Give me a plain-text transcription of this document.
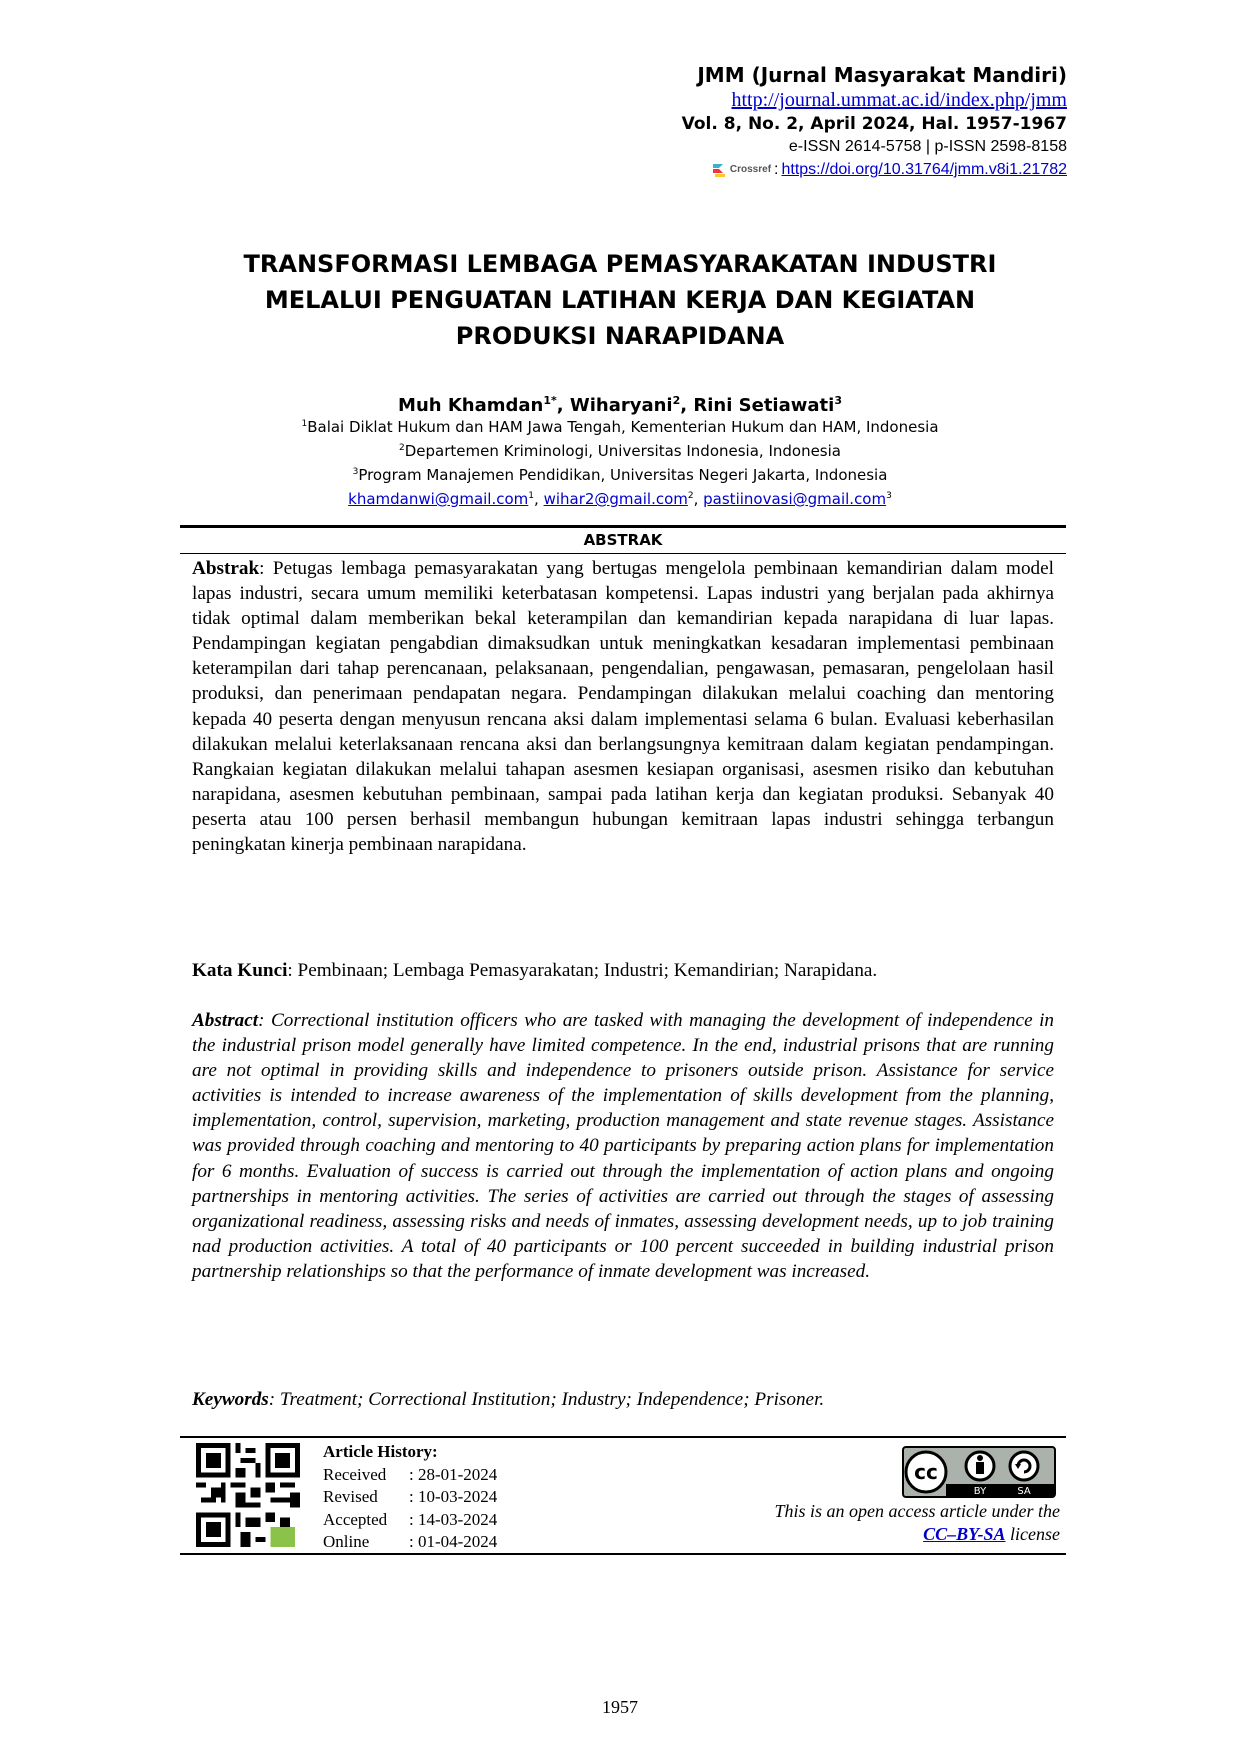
JMM (Jurnal Masyarakat Mandiri)
http://journal.ummat.ac.id/index.php/jmm
Vol. 8, No. 2, April 2024, Hal. 1957-1967
e-ISSN 2614-5758 | p-ISSN 2598-8158
Crossref : https://doi.org/10.31764/jmm.v8i1.21782
TRANSFORMASI LEMBAGA PEMASYARAKATAN INDUSTRI
MELALUI PENGUATAN LATIHAN KERJA DAN KEGIATAN
PRODUKSI NARAPIDANA
Muh Khamdan$^{1*}$, Wiharyani$^2$, Rini Setiawati$^3$
$^1$Balai Diklat Hukum dan HAM Jawa Tengah, Kementerian Hukum dan HAM, Indonesia
$^2$Departemen Kriminologi, Universitas Indonesia, Indonesia
$^3$Program Manajemen Pendidikan, Universitas Negeri Jakarta, Indonesia
khamdanwi@gmail.com$^1$, wihar2@gmail.com$^2$, pastiinovasi@gmail.com$^3$
ABSTRAK
Abstrak: Petugas lembaga pemasyarakatan yang bertugas mengelola pembinaan kemandirian dalam model lapas industri, secara umum memiliki keterbatasan kompetensi. Lapas industri yang berjalan pada akhirnya tidak optimal dalam memberikan bekal keterampilan dan kemandirian kepada narapidana di luar lapas. Pendampingan kegiatan pengabdian dimaksudkan untuk meningkatkan kesadaran implementasi pembinaan keterampilan dari tahap perencanaan, pelaksanaan, pengendalian, pengawasan, pemasaran, pengelolaan hasil produksi, dan penerimaan pendapatan negara. Pendampingan dilakukan melalui coaching dan mentoring kepada 40 peserta dengan menyusun rencana aksi dalam implementasi selama 6 bulan. Evaluasi keberhasilan dilakukan melalui keterlaksanaan rencana aksi dan berlangsungnya kemitraan dalam kegiatan pendampingan. Rangkaian kegiatan dilakukan melalui tahapan asesmen kesiapan organisasi, asesmen risiko dan kebutuhan narapidana, asesmen kebutuhan pembinaan, sampai pada latihan kerja dan kegiatan produksi. Sebanyak 40 peserta atau 100 persen berhasil membangun hubungan kemitraan lapas industri sehingga terbangun peningkatan kinerja pembinaan narapidana.
Kata Kunci: Pembinaan; Lembaga Pemasyarakatan; Industri; Kemandirian; Narapidana.
Abstract: Correctional institution officers who are tasked with managing the development of independence in the industrial prison model generally have limited competence. In the end, industrial prisons that are running are not optimal in providing skills and independence to prisoners outside prison. Assistance for service activities is intended to increase awareness of the implementation of skills development from the planning, implementation, control, supervision, marketing, production management and state revenue stages. Assistance was provided through coaching and mentoring to 40 participants by preparing action plans for implementation for 6 months. Evaluation of success is carried out through the implementation of action plans and ongoing partnerships in mentoring activities. The series of activities are carried out through the stages of assessing organizational readiness, assessing risks and needs of inmates, assessing development needs, up to job training nad production activities. A total of 40 participants or 100 percent succeeded in building industrial prison partnership relationships so that the performance of inmate development was increased.
Keywords: Treatment; Correctional Institution; Industry; Independence; Prisoner.
Article History:
Received	: 28-01-2024
Revised	: 10-03-2024
Accepted	: 14-03-2024
Online	: 01-04-2024
cc
BY	SA
This is an open access article under the
CC–BY-SA license
1957
